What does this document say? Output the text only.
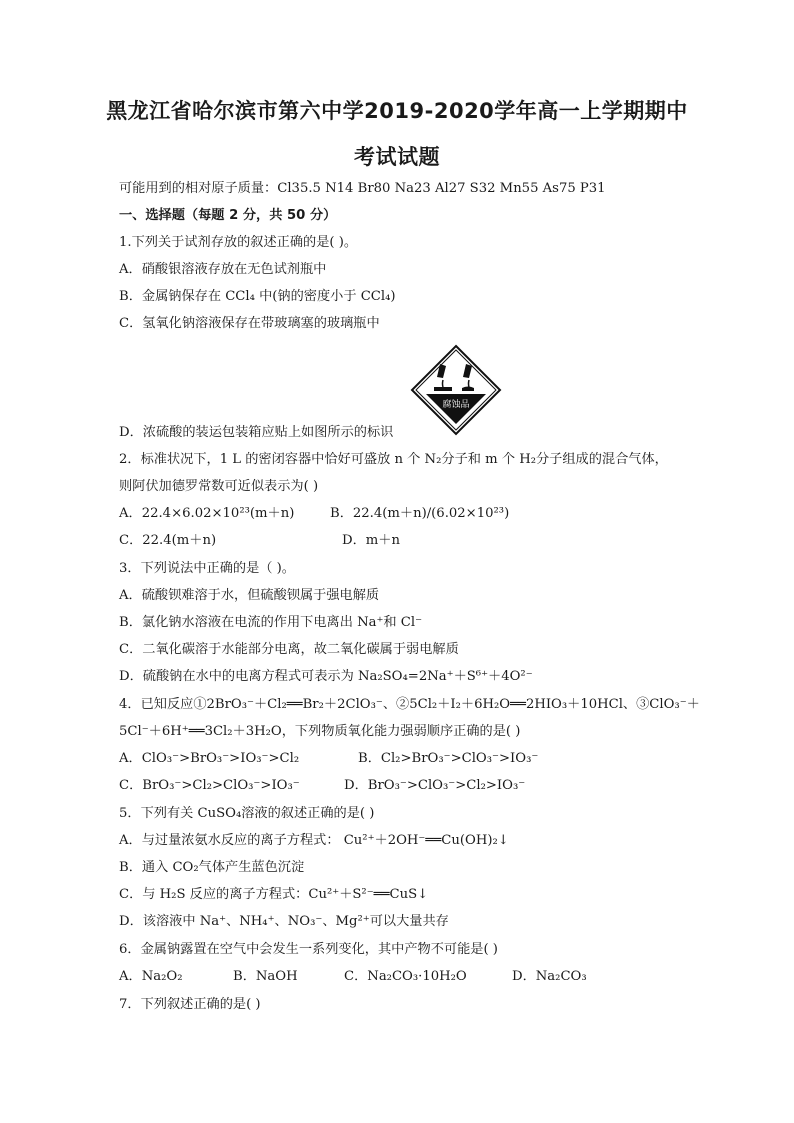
黑龙江省哈尔滨市第六中学2019-2020学年高一上学期期中
考试试题
可能用到的相对原子质量：Cl35.5 N14 Br80 Na23 Al27 S32 Mn55 As75 P31
一、选择题（每题 2 分，共 50 分）
1.下列关于试剂存放的叙述正确的是( )。
A．硝酸银溶液存放在无色试剂瓶中
B．金属钠保存在 CCl₄ 中(钠的密度小于 CCl₄)
C．氢氧化钠溶液保存在带玻璃塞的玻璃瓶中
腐蚀品
D．浓硫酸的装运包装箱应贴上如图所示的标识
2．标准状况下，1 L 的密闭容器中恰好可盛放 n 个 N₂分子和 m 个 H₂分子组成的混合气体，
则阿伏加德罗常数可近似表示为( )
A．22.4×6.02×10²³(m＋n)	B．22.4(m＋n)/(6.02×10²³)
C．22.4(m＋n)	D．m＋n
3．下列说法中正确的是（ )。
A．硫酸钡难溶于水，但硫酸钡属于强电解质
B．氯化钠水溶液在电流的作用下电离出 Na⁺和 Cl⁻
C．二氧化碳溶于水能部分电离，故二氧化碳属于弱电解质
D．硫酸钠在水中的电离方程式可表示为 Na₂SO₄=2Na⁺＋S⁶⁺＋4O²⁻
4．已知反应①2BrO₃⁻＋Cl₂══Br₂＋2ClO₃⁻、②5Cl₂＋I₂＋6H₂O══2HIO₃＋10HCl、③ClO₃⁻＋
5Cl⁻＋6H⁺══3Cl₂＋3H₂O，下列物质氧化能力强弱顺序正确的是( )
A．ClO₃⁻>BrO₃⁻>IO₃⁻>Cl₂	B．Cl₂>BrO₃⁻>ClO₃⁻>IO₃⁻
C．BrO₃⁻>Cl₂>ClO₃⁻>IO₃⁻	D．BrO₃⁻>ClO₃⁻>Cl₂>IO₃⁻
5．下列有关 CuSO₄溶液的叙述正确的是( )
A．与过量浓氨水反应的离子方程式： Cu²⁺＋2OH⁻══Cu(OH)₂↓
B．通入 CO₂气体产生蓝色沉淀
C．与 H₂S 反应的离子方程式：Cu²⁺＋S²⁻══CuS↓
D．该溶液中 Na⁺、NH₄⁺、NO₃⁻、Mg²⁺可以大量共存
6．金属钠露置在空气中会发生一系列变化，其中产物不可能是( )
A．Na₂O₂	B．NaOH	C．Na₂CO₃·10H₂O	D．Na₂CO₃
7．下列叙述正确的是( )
